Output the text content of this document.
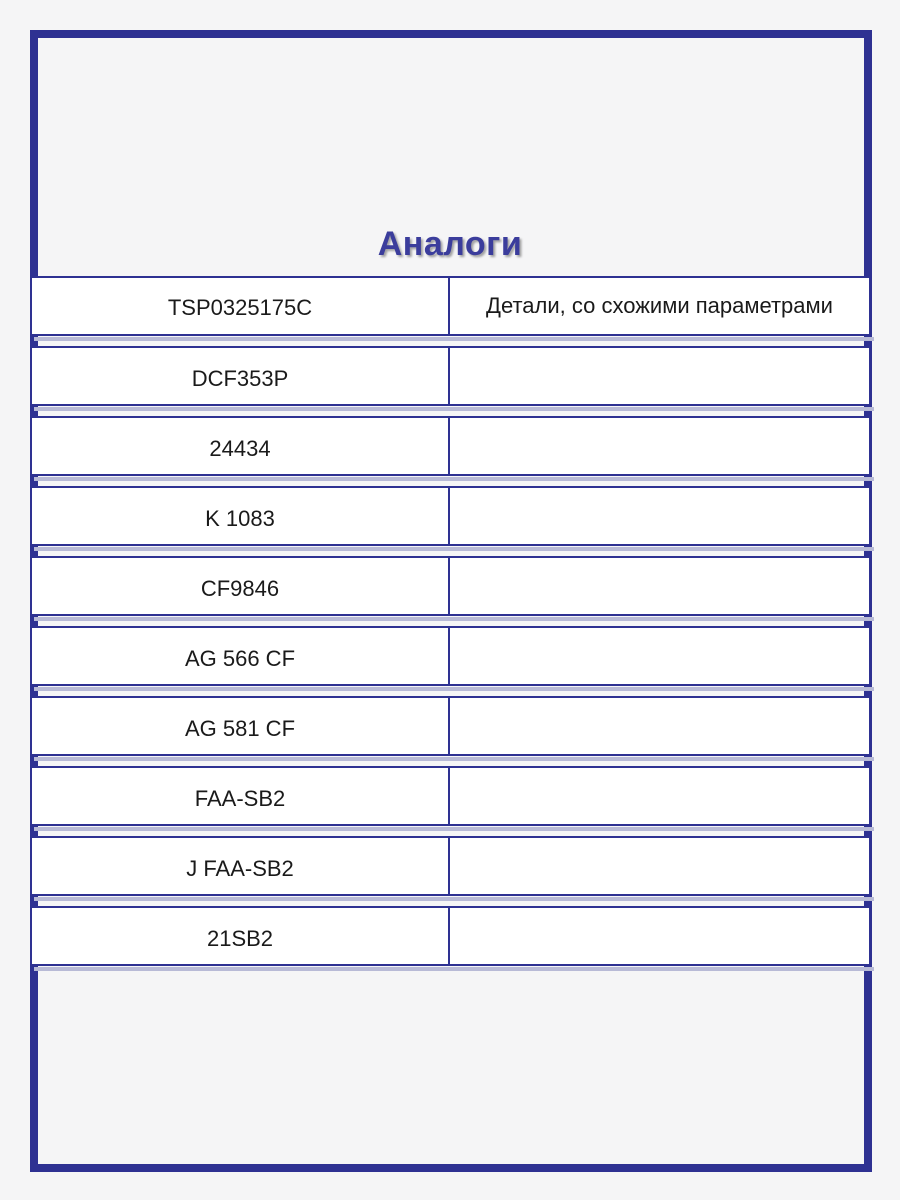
Аналоги
TSP0325175C	Детали, со схожими параметрами
DCF353P
24434
K 1083
CF9846
AG 566 CF
AG 581 CF
FAA-SB2
J FAA-SB2
21SB2
